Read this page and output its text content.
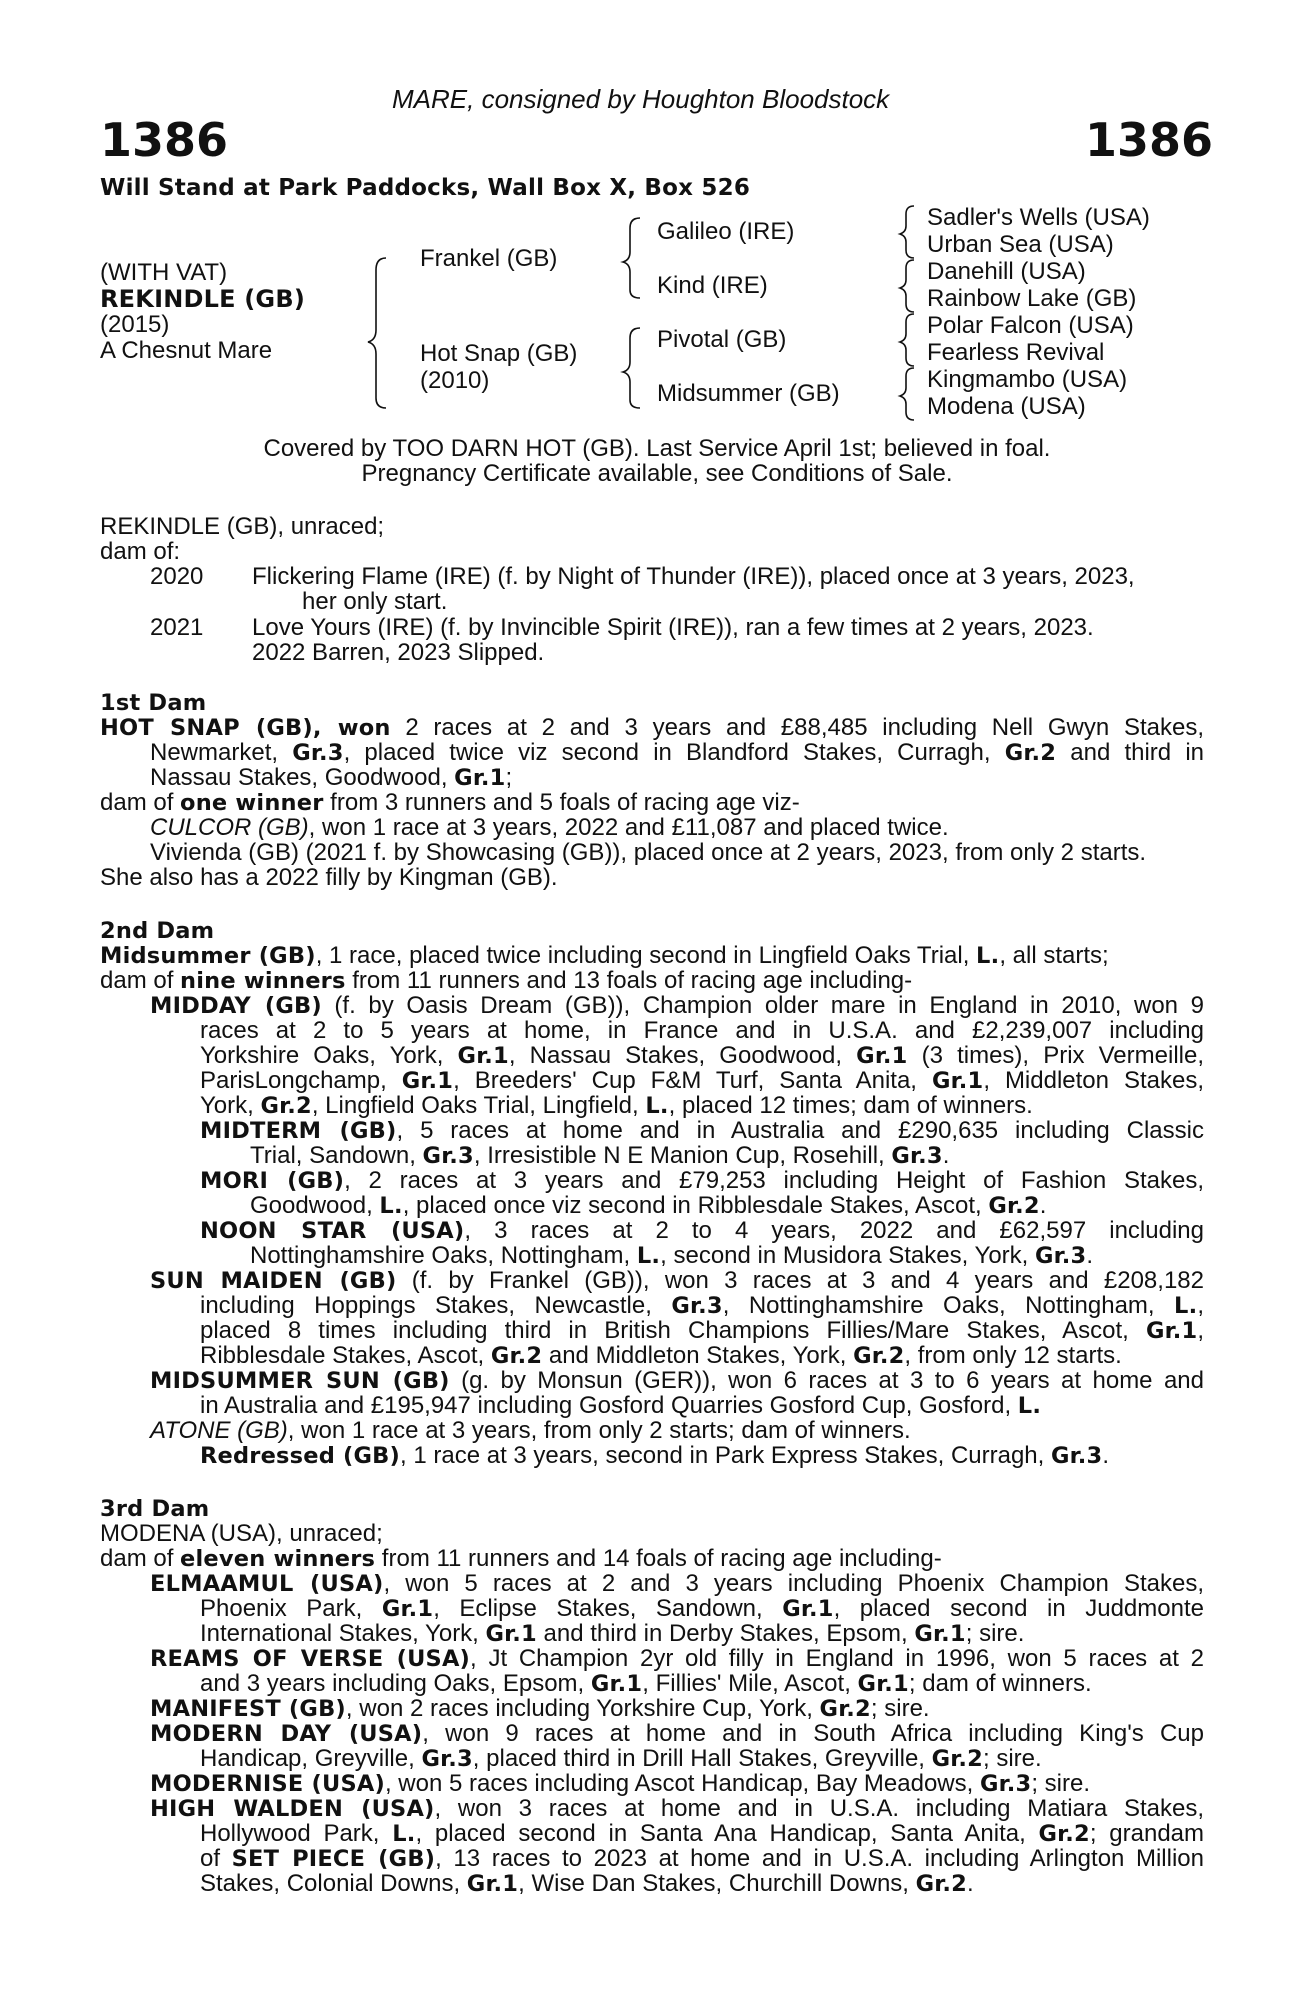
MARE, consigned by Houghton Bloodstock
1386	1386
Will Stand at Park Paddocks, Wall Box X, Box 526
(WITH VAT)
REKINDLE (GB)
(2015)
A Chesnut Mare
Frankel (GB)
Hot Snap (GB)
(2010)
Galileo (IRE)
Kind (IRE)
Pivotal (GB)
Midsummer (GB)
Sadler's Wells (USA)
Urban Sea (USA)
Danehill (USA)
Rainbow Lake (GB)
Polar Falcon (USA)
Fearless Revival
Kingmambo (USA)
Modena (USA)
Covered by TOO DARN HOT (GB). Last Service April 1st; believed in foal.
Pregnancy Certificate available, see Conditions of Sale.
REKINDLE (GB), unraced;
dam of:
2020 Flickering Flame (IRE) (f. by Night of Thunder (IRE)), placed once at 3 years, 2023,
her only start.
2021 Love Yours (IRE) (f. by Invincible Spirit (IRE)), ran a few times at 2 years, 2023.
2022 Barren, 2023 Slipped.
1st Dam
HOT SNAP (GB), won 2 races at 2 and 3 years and £88,485 including Nell Gwyn Stakes,
Newmarket, Gr.3, placed twice viz second in Blandford Stakes, Curragh, Gr.2 and third in
Nassau Stakes, Goodwood, Gr.1;
dam of one winner from 3 runners and 5 foals of racing age viz-
CULCOR (GB), won 1 race at 3 years, 2022 and £11,087 and placed twice.
Vivienda (GB) (2021 f. by Showcasing (GB)), placed once at 2 years, 2023, from only 2 starts.
She also has a 2022 filly by Kingman (GB).
2nd Dam
Midsummer (GB), 1 race, placed twice including second in Lingfield Oaks Trial, L., all starts;
dam of nine winners from 11 runners and 13 foals of racing age including-
MIDDAY (GB) (f. by Oasis Dream (GB)), Champion older mare in England in 2010, won 9
races at 2 to 5 years at home, in France and in U.S.A. and £2,239,007 including
Yorkshire Oaks, York, Gr.1, Nassau Stakes, Goodwood, Gr.1 (3 times), Prix Vermeille,
ParisLongchamp, Gr.1, Breeders' Cup F&M Turf, Santa Anita, Gr.1, Middleton Stakes,
York, Gr.2, Lingfield Oaks Trial, Lingfield, L., placed 12 times; dam of winners.
MIDTERM (GB), 5 races at home and in Australia and £290,635 including Classic
Trial, Sandown, Gr.3, Irresistible N E Manion Cup, Rosehill, Gr.3.
MORI (GB), 2 races at 3 years and £79,253 including Height of Fashion Stakes,
Goodwood, L., placed once viz second in Ribblesdale Stakes, Ascot, Gr.2.
NOON STAR (USA), 3 races at 2 to 4 years, 2022 and £62,597 including
Nottinghamshire Oaks, Nottingham, L., second in Musidora Stakes, York, Gr.3.
SUN MAIDEN (GB) (f. by Frankel (GB)), won 3 races at 3 and 4 years and £208,182
including Hoppings Stakes, Newcastle, Gr.3, Nottinghamshire Oaks, Nottingham, L.,
placed 8 times including third in British Champions Fillies/Mare Stakes, Ascot, Gr.1,
Ribblesdale Stakes, Ascot, Gr.2 and Middleton Stakes, York, Gr.2, from only 12 starts.
MIDSUMMER SUN (GB) (g. by Monsun (GER)), won 6 races at 3 to 6 years at home and
in Australia and £195,947 including Gosford Quarries Gosford Cup, Gosford, L.
ATONE (GB), won 1 race at 3 years, from only 2 starts; dam of winners.
Redressed (GB), 1 race at 3 years, second in Park Express Stakes, Curragh, Gr.3.
3rd Dam
MODENA (USA), unraced;
dam of eleven winners from 11 runners and 14 foals of racing age including-
ELMAAMUL (USA), won 5 races at 2 and 3 years including Phoenix Champion Stakes,
Phoenix Park, Gr.1, Eclipse Stakes, Sandown, Gr.1, placed second in Juddmonte
International Stakes, York, Gr.1 and third in Derby Stakes, Epsom, Gr.1; sire.
REAMS OF VERSE (USA), Jt Champion 2yr old filly in England in 1996, won 5 races at 2
and 3 years including Oaks, Epsom, Gr.1, Fillies' Mile, Ascot, Gr.1; dam of winners.
MANIFEST (GB), won 2 races including Yorkshire Cup, York, Gr.2; sire.
MODERN DAY (USA), won 9 races at home and in South Africa including King's Cup
Handicap, Greyville, Gr.3, placed third in Drill Hall Stakes, Greyville, Gr.2; sire.
MODERNISE (USA), won 5 races including Ascot Handicap, Bay Meadows, Gr.3; sire.
HIGH WALDEN (USA), won 3 races at home and in U.S.A. including Matiara Stakes,
Hollywood Park, L., placed second in Santa Ana Handicap, Santa Anita, Gr.2; grandam
of SET PIECE (GB), 13 races to 2023 at home and in U.S.A. including Arlington Million
Stakes, Colonial Downs, Gr.1, Wise Dan Stakes, Churchill Downs, Gr.2.
